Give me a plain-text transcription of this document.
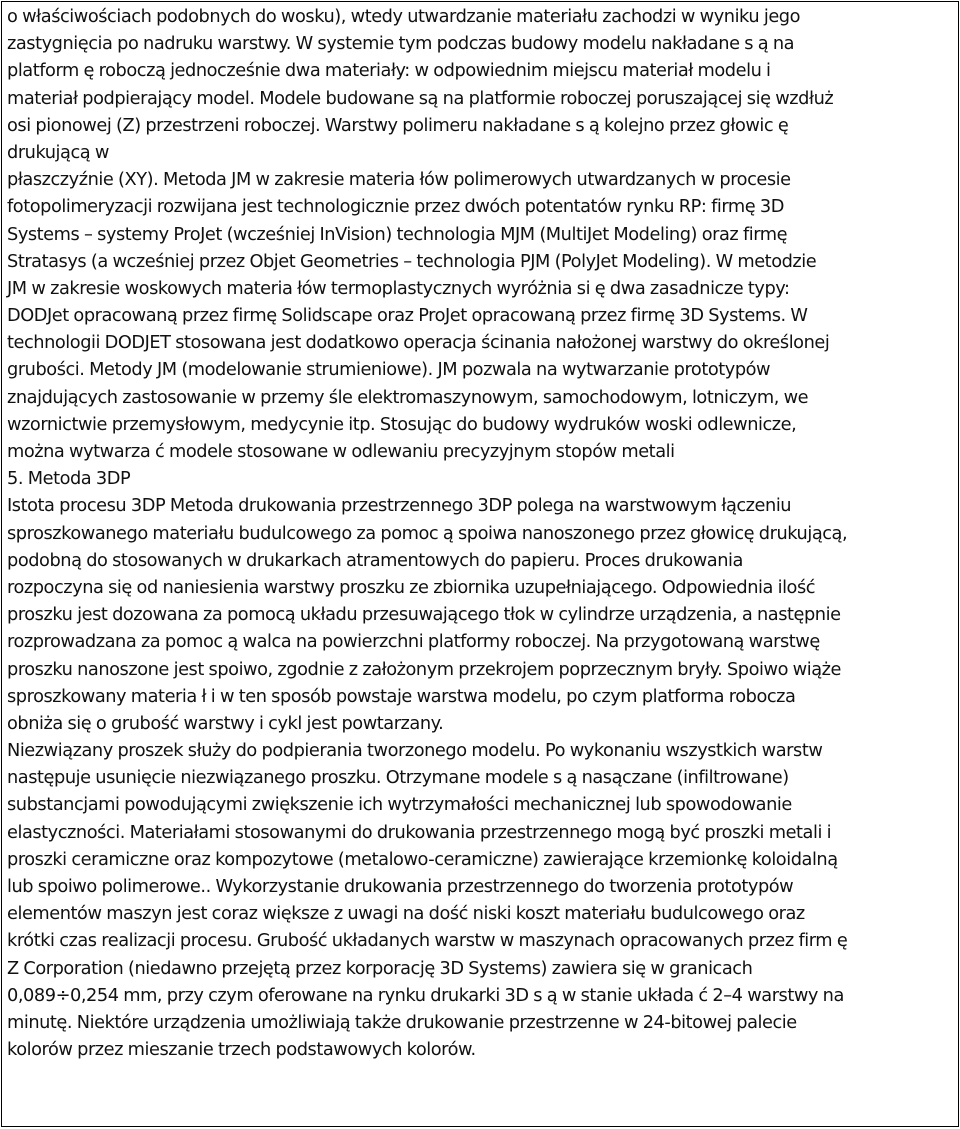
o właściwościach podobnych do wosku), wtedy utwardzanie materiału zachodzi w wyniku jego
zastygnięcia po nadruku warstwy. W systemie tym podczas budowy modelu nakładane s ą na
platform ę roboczą jednocześnie dwa materiały: w odpowiednim miejscu materiał modelu i
materiał podpierający model. Modele budowane są na platformie roboczej poruszającej się wzdłuż
osi pionowej (Z) przestrzeni roboczej. Warstwy polimeru nakładane s ą kolejno przez głowic ę
drukującą w
płaszczyźnie (XY). Metoda JM w zakresie materia łów polimerowych utwardzanych w procesie
fotopolimeryzacji rozwijana jest technologicznie przez dwóch potentatów rynku RP: firmę 3D
Systems – systemy ProJet (wcześniej InVision) technologia MJM (MultiJet Modeling) oraz firmę
Stratasys (a wcześniej przez Objet Geometries – technologia PJM (PolyJet Modeling). W metodzie
JM w zakresie woskowych materia łów termoplastycznych wyróżnia si ę dwa zasadnicze typy:
DODJet opracowaną przez firmę Solidscape oraz ProJet opracowaną przez firmę 3D Systems. W
technologii DODJET stosowana jest dodatkowo operacja ścinania nałożonej warstwy do określonej
grubości. Metody JM (modelowanie strumieniowe). JM pozwala na wytwarzanie prototypów
znajdujących zastosowanie w przemy śle elektromaszynowym, samochodowym, lotniczym, we
wzornictwie przemysłowym, medycynie itp. Stosując do budowy wydruków woski odlewnicze,
można wytwarza ć modele stosowane w odlewaniu precyzyjnym stopów metali
5. Metoda 3DP
Istota procesu 3DP Metoda drukowania przestrzennego 3DP polega na warstwowym łączeniu
sproszkowanego materiału budulcowego za pomoc ą spoiwa nanoszonego przez głowicę drukującą,
podobną do stosowanych w drukarkach atramentowych do papieru. Proces drukowania
rozpoczyna się od naniesienia warstwy proszku ze zbiornika uzupełniającego. Odpowiednia ilość
proszku jest dozowana za pomocą układu przesuwającego tłok w cylindrze urządzenia, a następnie
rozprowadzana za pomoc ą walca na powierzchni platformy roboczej. Na przygotowaną warstwę
proszku nanoszone jest spoiwo, zgodnie z założonym przekrojem poprzecznym bryły. Spoiwo wiąże
sproszkowany materia ł i w ten sposób powstaje warstwa modelu, po czym platforma robocza
obniża się o grubość warstwy i cykl jest powtarzany.
Niezwiązany proszek służy do podpierania tworzonego modelu. Po wykonaniu wszystkich warstw
następuje usunięcie niezwiązanego proszku. Otrzymane modele s ą nasączane (infiltrowane)
substancjami powodującymi zwiększenie ich wytrzymałości mechanicznej lub spowodowanie
elastyczności. Materiałami stosowanymi do drukowania przestrzennego mogą być proszki metali i
proszki ceramiczne oraz kompozytowe (metalowo-ceramiczne) zawierające krzemionkę koloidalną
lub spoiwo polimerowe.. Wykorzystanie drukowania przestrzennego do tworzenia prototypów
elementów maszyn jest coraz większe z uwagi na dość niski koszt materiału budulcowego oraz
krótki czas realizacji procesu. Grubość układanych warstw w maszynach opracowanych przez firm ę
Z Corporation (niedawno przejętą przez korporację 3D Systems) zawiera się w granicach
0,089÷0,254 mm, przy czym oferowane na rynku drukarki 3D s ą w stanie układa ć 2–4 warstwy na
minutę. Niektóre urządzenia umożliwiają także drukowanie przestrzenne w 24-bitowej palecie
kolorów przez mieszanie trzech podstawowych kolorów.
